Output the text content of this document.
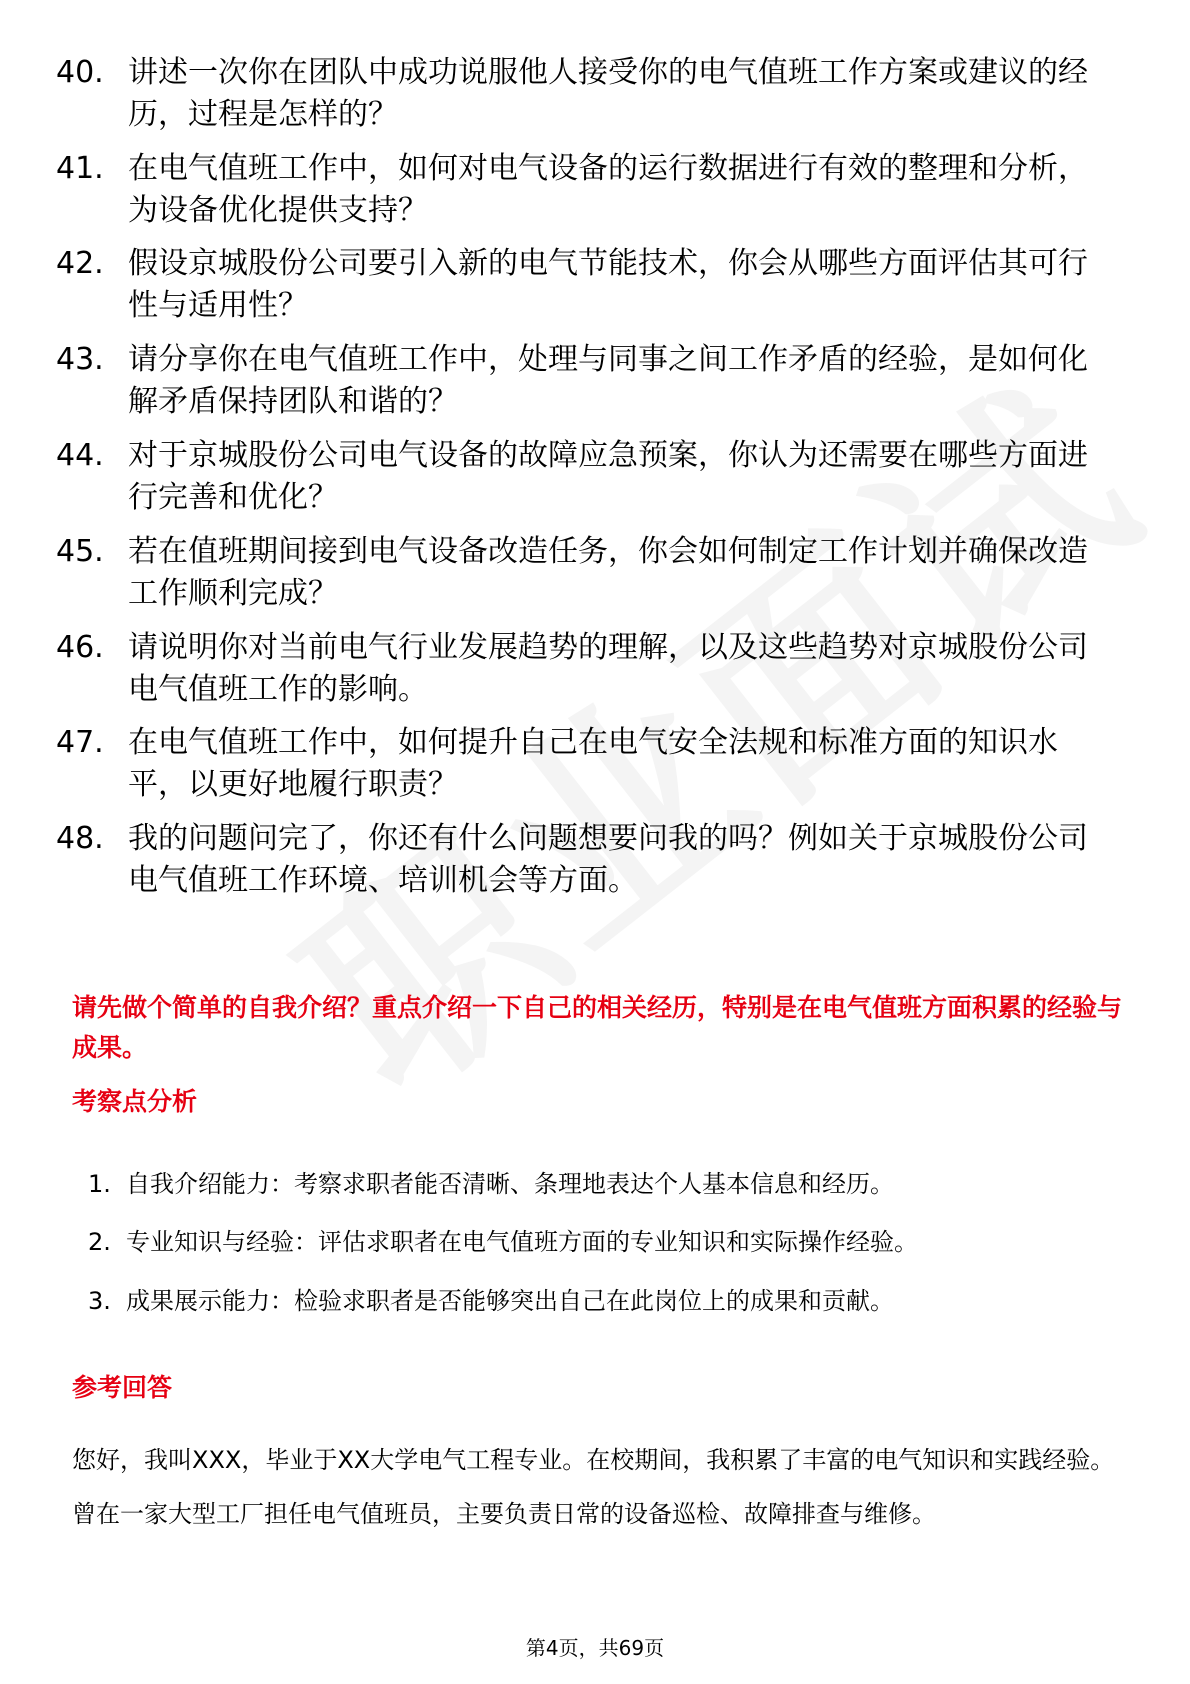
40. 讲述一次你在团队中成功说服他人接受你的电气值班工作方案或建议的经历，过程是怎样的？
41. 在电气值班工作中，如何对电气设备的运行数据进行有效的整理和分析，为设备优化提供支持？
42. 假设京城股份公司要引入新的电气节能技术，你会从哪些方面评估其可行性与适用性？
43. 请分享你在电气值班工作中，处理与同事之间工作矛盾的经验，是如何化解矛盾保持团队和谐的？
44. 对于京城股份公司电气设备的故障应急预案，你认为还需要在哪些方面进行完善和优化？
45. 若在值班期间接到电气设备改造任务，你会如何制定工作计划并确保改造工作顺利完成？
46. 请说明你对当前电气行业发展趋势的理解，以及这些趋势对京城股份公司电气值班工作的影响。
47. 在电气值班工作中，如何提升自己在电气安全法规和标准方面的知识水平，以更好地履行职责？
48. 我的问题问完了，你还有什么问题想要问我的吗？例如关于京城股份公司电气值班工作环境、培训机会等方面。
请先做个简单的自我介绍？重点介绍一下自己的相关经历，特别是在电气值班方面积累的经验与成果。
考察点分析
1. 自我介绍能力：考察求职者能否清晰、条理地表达个人基本信息和经历。
2. 专业知识与经验：评估求职者在电气值班方面的专业知识和实际操作经验。
3. 成果展示能力：检验求职者是否能够突出自己在此岗位上的成果和贡献。
参考回答
您好，我叫XXX，毕业于XX大学电气工程专业。在校期间，我积累了丰富的电气知识和实践经验。曾在一家大型工厂担任电气值班员，主要负责日常的设备巡检、故障排查与维修。
第4页，共69页
